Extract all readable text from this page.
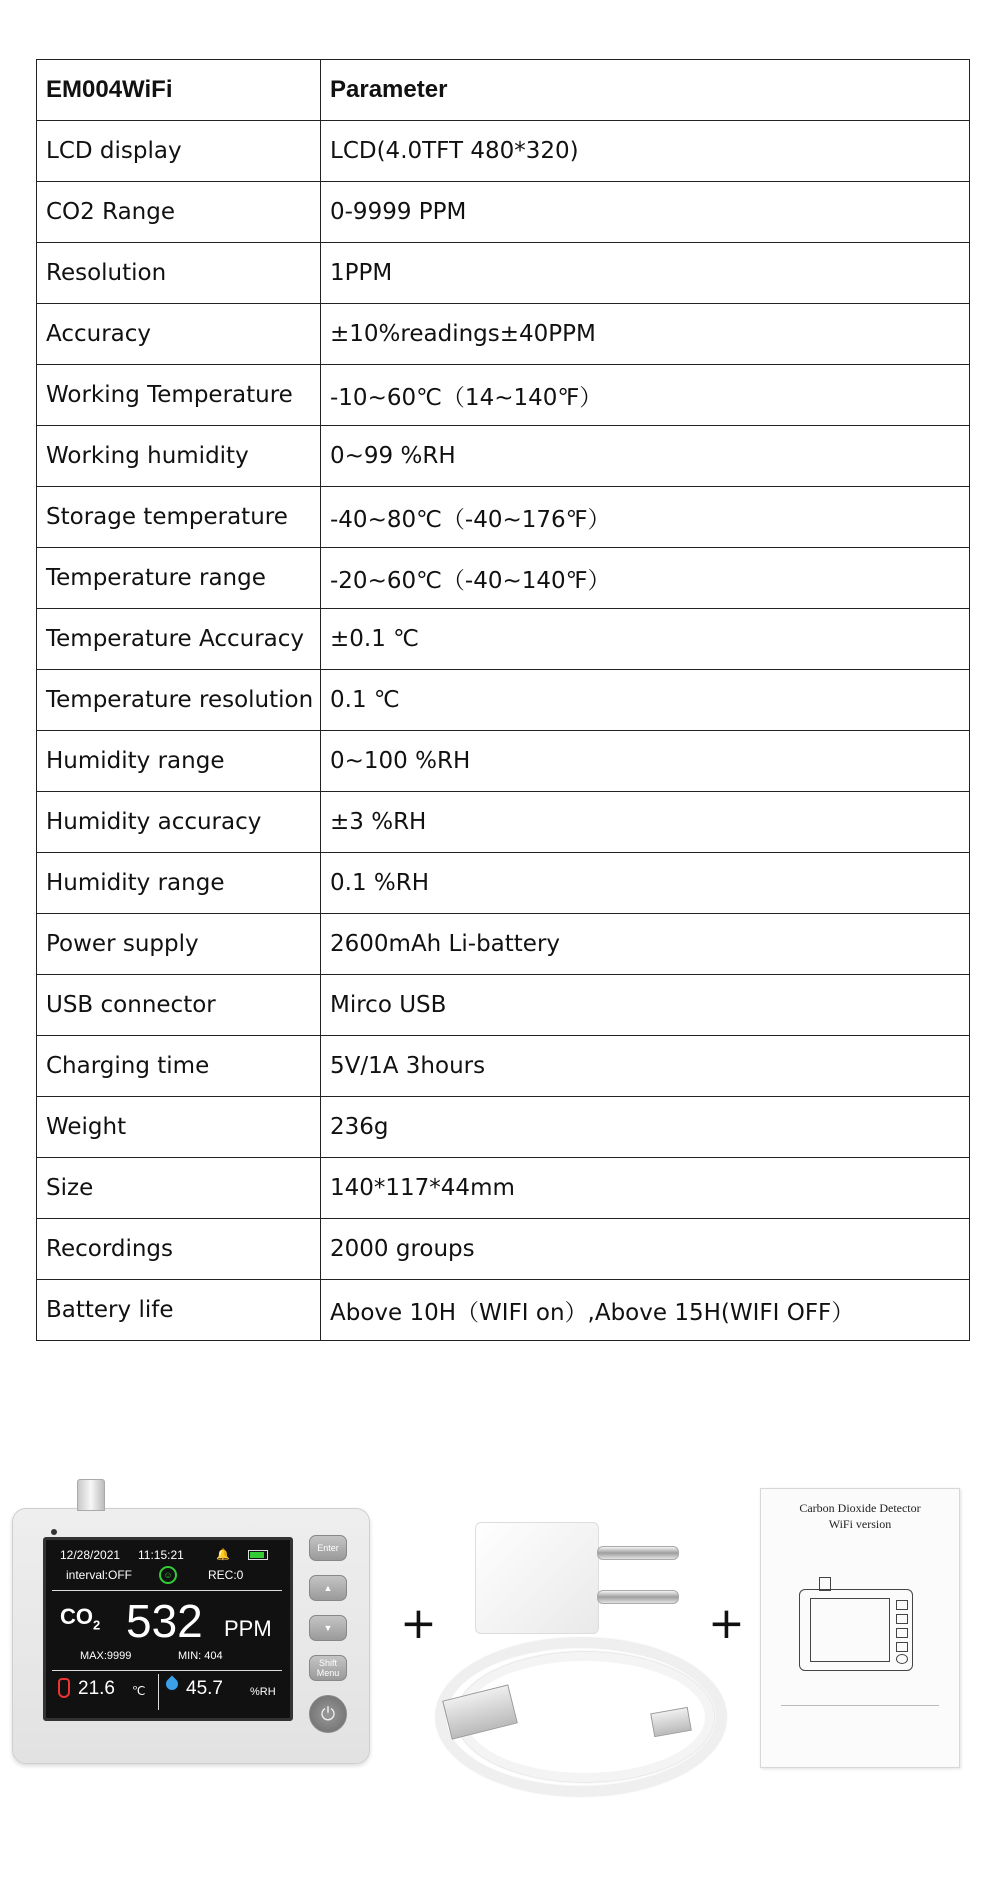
EM004WiFi	Parameter
LCD display	LCD(4.0TFT 480*320)
CO2 Range	0-9999 PPM
Resolution	1PPM
Accuracy	±10%readings±40PPM
Working Temperature	-10~60℃（14~140℉）
Working humidity	0~99 %RH
Storage temperature	-40~80℃（-40~176℉）
Temperature range	-20~60℃（-40~140℉）
Temperature Accuracy	±0.1 ℃
Temperature resolution	0.1 ℃
Humidity range	0~100 %RH
Humidity accuracy	±3 %RH
Humidity range	0.1 %RH
Power supply	2600mAh Li-battery
USB connector	Mirco USB
Charging time	5V/1A 3hours
Weight	236g
Size	140*117*44mm
Recordings	2000 groups
Battery life	Above 10H（WIFI on）,Above 15H(WIFI OFF）
12/28/2021 11:15:21	🔔
interval:OFF	☺	REC:0
$CO_2$ 532 PPM
MAX:9999	MIN: 404
21.6 ℃ 45.7 %RH
Enter
▲
▼
Shift Menu
⏻
+	+
Carbon Dioxide Detector
WiFi version
